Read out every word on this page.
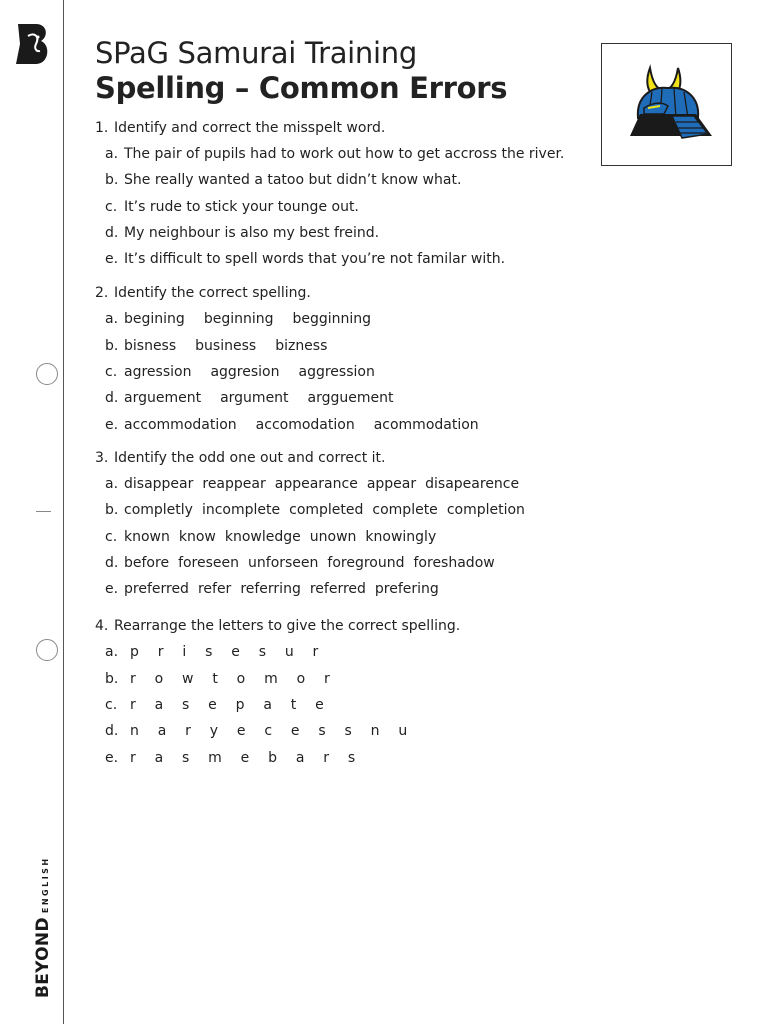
BEYONDENGLISH
SPaG Samurai Training
Spelling – Common Errors
1. Identify and correct the misspelt word.
a. The pair of pupils had to work out how to get accross the river.
b. She really wanted a tatoo but didn’t know what.
c. It’s rude to stick your tounge out.
d. My neighbour is also my best freind.
e. It’s difficult to spell words that you’re not familar with.
2. Identify the correct spelling.
a. begining beginning begginning
b. bisness business bizness
c. agression aggresion aggression
d. arguement argument argguement
e. accommodation accomodation acommodation
3. Identify the odd one out and correct it.
a. disappear reappear appearance appear disapearence
b. completly incomplete completed complete completion
c. known know knowledge unown knowingly
d. before foreseen unforseen foreground foreshadow
e. preferred refer referring referred prefering
4. Rearrange the letters to give the correct spelling.
a. p r i s e s u r
b. r o w t o m o r
c. r a s e p a t e
d. n a r y e c e s s n u
e. r a s m e b a r s
